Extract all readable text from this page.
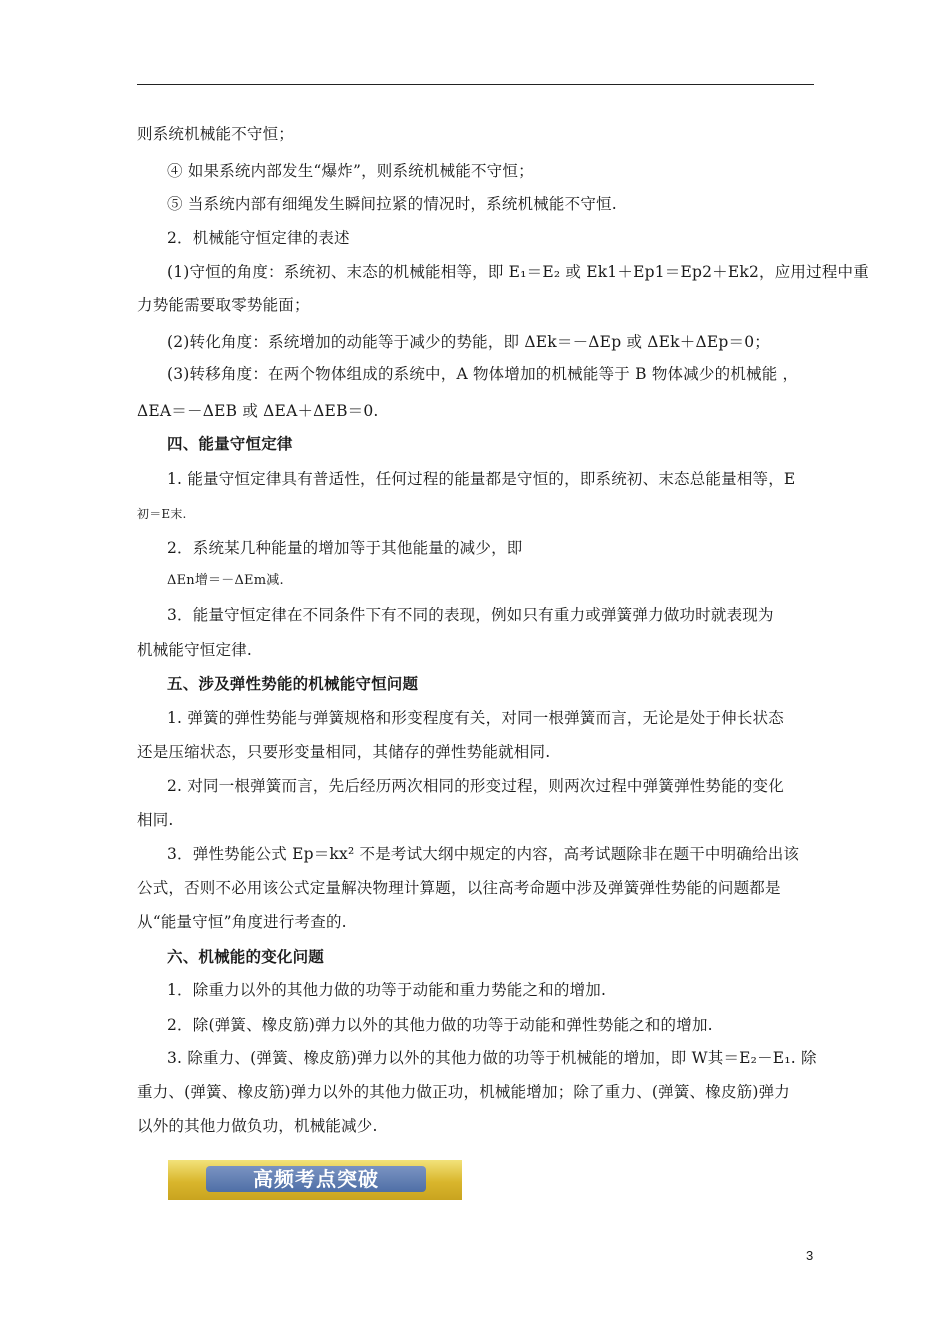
则系统机械能不守恒；
④ 如果系统内部发生“爆炸”，则系统机械能不守恒；
⑤ 当系统内部有细绳发生瞬间拉紧的情况时，系统机械能不守恒.
2．机械能守恒定律的表述
(1)守恒的角度：系统初、末态的机械能相等，即 E₁＝E₂ 或 Ek1＋Ep1＝Ep2＋Ek2，应用过程中重
力势能需要取零势能面；
(2)转化角度：系统增加的动能等于减少的势能，即 ΔEk＝－ΔEp 或 ΔEk＋ΔEp＝0；
(3)转移角度：在两个物体组成的系统中，A 物体增加的机械能等于 B 物体减少的机械能 ，
ΔEA＝－ΔEB 或 ΔEA＋ΔEB＝0.
四、能量守恒定律
1. 能量守恒定律具有普适性，任何过程的能量都是守恒的，即系统初、末态总能量相等，E
初＝E末.
2．系统某几种能量的增加等于其他能量的减少，即
ΔEn增＝－ΔEm减.
3．能量守恒定律在不同条件下有不同的表现，例如只有重力或弹簧弹力做功时就表现为
机械能守恒定律.
五、涉及弹性势能的机械能守恒问题
1. 弹簧的弹性势能与弹簧规格和形变程度有关，对同一根弹簧而言，无论是处于伸长状态
还是压缩状态，只要形变量相同，其储存的弹性势能就相同.
2. 对同一根弹簧而言，先后经历两次相同的形变过程，则两次过程中弹簧弹性势能的变化
相同.
3．弹性势能公式 Ep＝kx² 不是考试大纲中规定的内容，高考试题除非在题干中明确给出该
公式，否则不必用该公式定量解决物理计算题，以往高考命题中涉及弹簧弹性势能的问题都是
从“能量守恒”角度进行考查的.
六、机械能的变化问题
1．除重力以外的其他力做的功等于动能和重力势能之和的增加.
2．除(弹簧、橡皮筋)弹力以外的其他力做的功等于动能和弹性势能之和的增加.
3. 除重力、(弹簧、橡皮筋)弹力以外的其他力做的功等于机械能的增加，即 W其＝E₂－E₁. 除
重力、(弹簧、橡皮筋)弹力以外的其他力做正功，机械能增加；除了重力、(弹簧、橡皮筋)弹力
以外的其他力做负功，机械能减少.
高频考点突破
3
